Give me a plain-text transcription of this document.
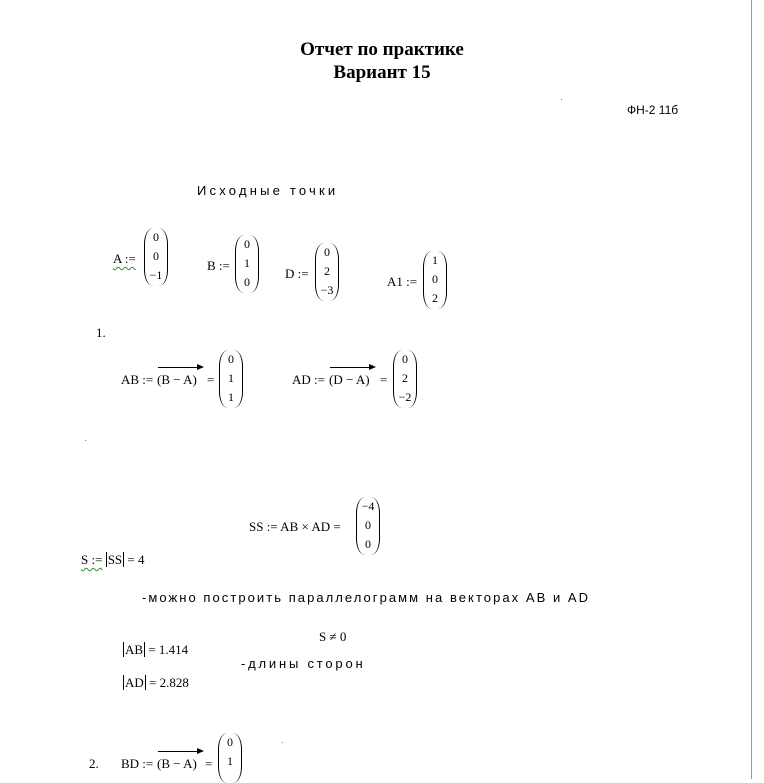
Отчет по практике
Вариант 15
ФН-2 11б
Исходные точки
A :=
0
0
−1
B :=
0
1
0
D :=
0
2
−3
A1 :=
1
0
2
1.
AB := (B − A) =
0
1
1
AD := (D − A) =
0
2
−2
SS := AB × AD =
−4
0
0
S := SS = 4
-можно построить параллелограмм на векторах АВ и AD
S ≠ 0
AB = 1.414
-длины сторон
AD = 2.828
2. BD := (B − A) =
0
1
